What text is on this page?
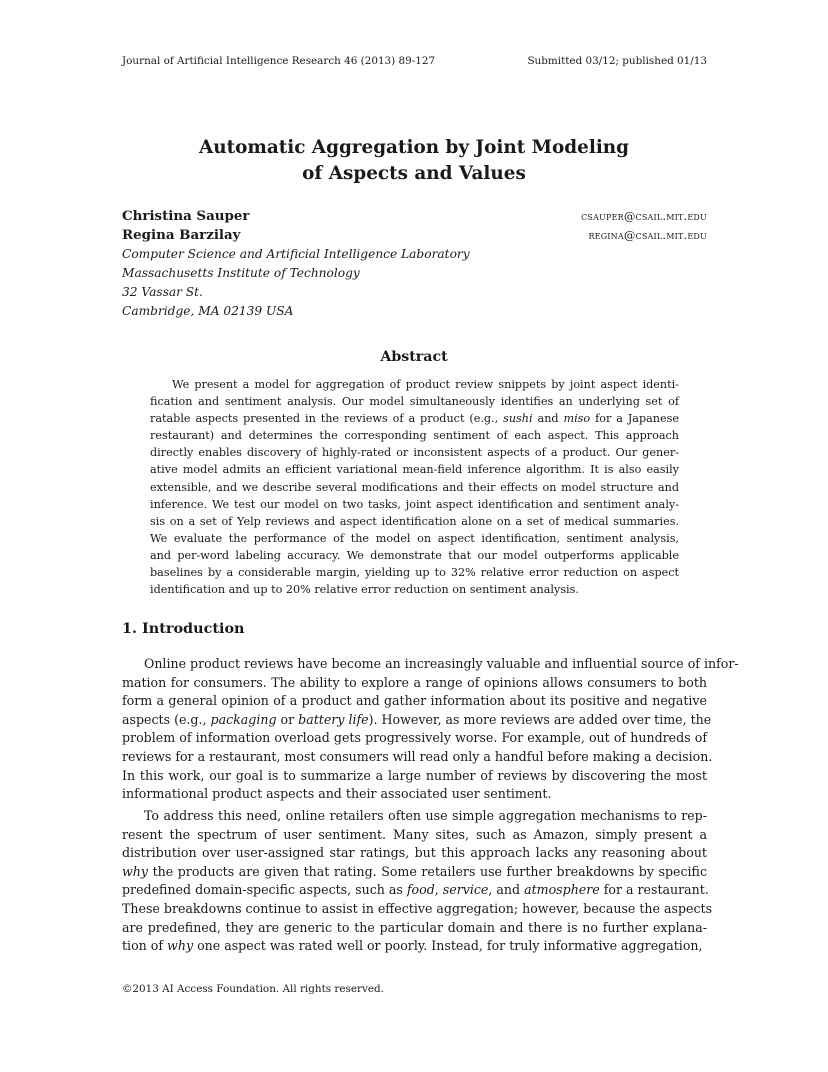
Journal of Artificial Intelligence Research 46 (2013) 89-127	Submitted 03/12; published 01/13
Automatic Aggregation by Joint Modeling
of Aspects and Values
Christina Sauper	csauper@csail.mit.edu
Regina Barzilay	regina@csail.mit.edu
Computer Science and Artificial Intelligence Laboratory
Massachusetts Institute of Technology
32 Vassar St.
Cambridge, MA 02139 USA
Abstract
We present a model for aggregation of product review snippets by joint aspect identi-
fication and sentiment analysis. Our model simultaneously identifies an underlying set of
ratable aspects presented in the reviews of a product (e.g., sushi and miso for a Japanese
restaurant) and determines the corresponding sentiment of each aspect. This approach
directly enables discovery of highly-rated or inconsistent aspects of a product. Our gener-
ative model admits an efficient variational mean-field inference algorithm. It is also easily
extensible, and we describe several modifications and their effects on model structure and
inference. We test our model on two tasks, joint aspect identification and sentiment analy-
sis on a set of Yelp reviews and aspect identification alone on a set of medical summaries.
We evaluate the performance of the model on aspect identification, sentiment analysis,
and per-word labeling accuracy. We demonstrate that our model outperforms applicable
baselines by a considerable margin, yielding up to 32% relative error reduction on aspect
identification and up to 20% relative error reduction on sentiment analysis.
1. Introduction
Online product reviews have become an increasingly valuable and influential source of infor-
mation for consumers. The ability to explore a range of opinions allows consumers to both
form a general opinion of a product and gather information about its positive and negative
aspects (e.g., packaging or battery life). However, as more reviews are added over time, the
problem of information overload gets progressively worse. For example, out of hundreds of
reviews for a restaurant, most consumers will read only a handful before making a decision.
In this work, our goal is to summarize a large number of reviews by discovering the most
informational product aspects and their associated user sentiment.
To address this need, online retailers often use simple aggregation mechanisms to rep-
resent the spectrum of user sentiment. Many sites, such as Amazon, simply present a
distribution over user-assigned star ratings, but this approach lacks any reasoning about
why the products are given that rating. Some retailers use further breakdowns by specific
predefined domain-specific aspects, such as food, service, and atmosphere for a restaurant.
These breakdowns continue to assist in effective aggregation; however, because the aspects
are predefined, they are generic to the particular domain and there is no further explana-
tion of why one aspect was rated well or poorly. Instead, for truly informative aggregation,
©2013 AI Access Foundation. All rights reserved.
